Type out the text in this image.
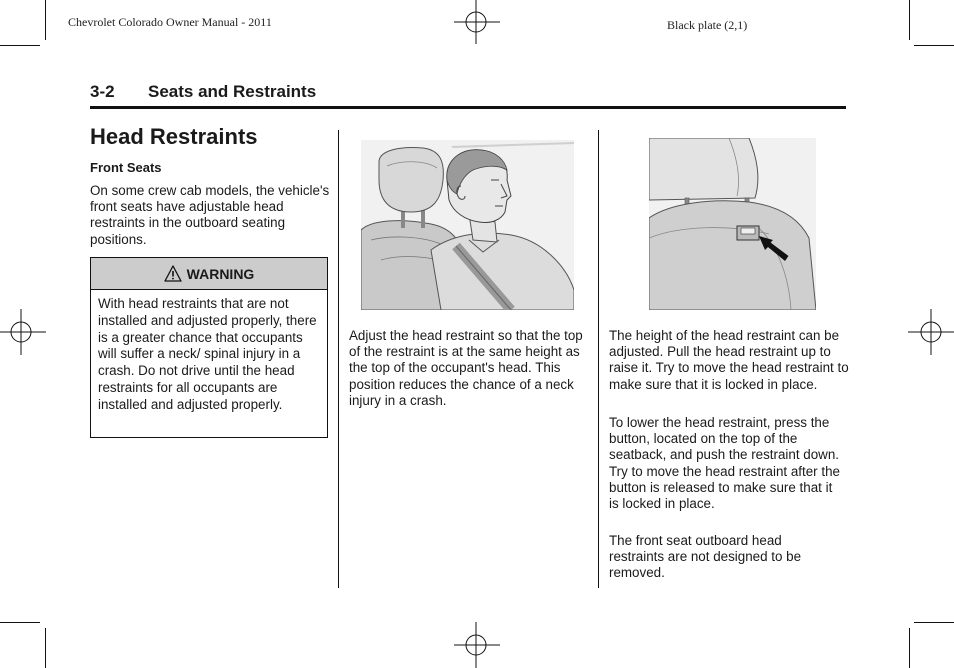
Chevrolet Colorado Owner Manual - 2011	Black plate (2,1)
3-2 Seats and Restraints
Head Restraints
Front Seats

On some crew cab models, the vehicle's front seats have adjustable head restraints in the outboard seating positions.

WARNING

With head restraints that are not installed and adjusted properly, there is a greater chance that occupants will suffer a neck/ spinal injury in a crash. Do not drive until the head restraints for all occupants are installed and adjusted properly.

Adjust the head restraint so that the top of the restraint is at the same height as the top of the occupant's head. This position reduces the chance of a neck injury in a crash.

The height of the head restraint can be adjusted. Pull the head restraint up to raise it. Try to move the head restraint to make sure that it is locked in place.

To lower the head restraint, press the button, located on the top of the seatback, and push the restraint down. Try to move the head restraint after the button is released to make sure that it is locked in place.

The front seat outboard head restraints are not designed to be removed.
